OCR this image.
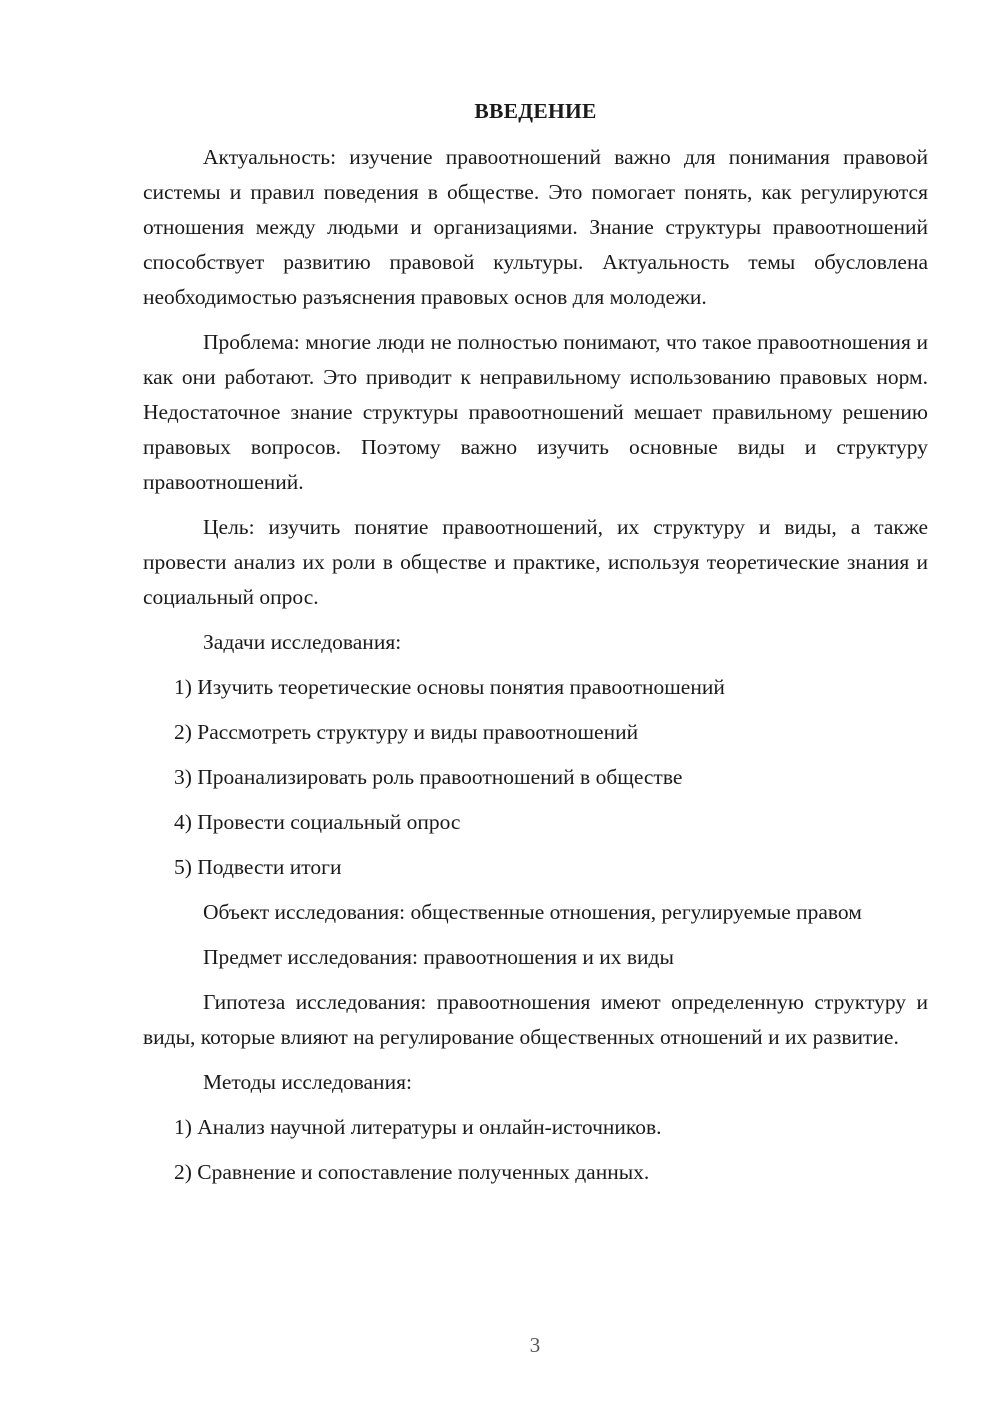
ВВЕДЕНИЕ

Актуальность: изучение правоотношений важно для понимания правовой системы и правил поведения в обществе. Это помогает понять, как регулируются отношения между людьми и организациями. Знание структуры правоотношений способствует развитию правовой культуры. Актуальность темы обусловлена необходимостью разъяснения правовых основ для молодежи.

Проблема: многие люди не полностью понимают, что такое правоотношения и как они работают. Это приводит к неправильному использованию правовых норм. Недостаточное знание структуры правоотношений мешает правильному решению правовых вопросов. Поэтому важно изучить основные виды и структуру правоотношений.

Цель: изучить понятие правоотношений, их структуру и виды, а также провести анализ их роли в обществе и практике, используя теоретические знания и социальный опрос.

Задачи исследования:

1) Изучить теоретические основы понятия правоотношений
2) Рассмотреть структуру и виды правоотношений
3) Проанализировать роль правоотношений в обществе
4) Провести социальный опрос
5) Подвести итоги

Объект исследования: общественные отношения, регулируемые правом

Предмет исследования: правоотношения и их виды

Гипотеза исследования: правоотношения имеют определенную структуру и виды, которые влияют на регулирование общественных отношений и их развитие.

Методы исследования:

1) Анализ научной литературы и онлайн-источников.
2) Сравнение и сопоставление полученных данных.
3
